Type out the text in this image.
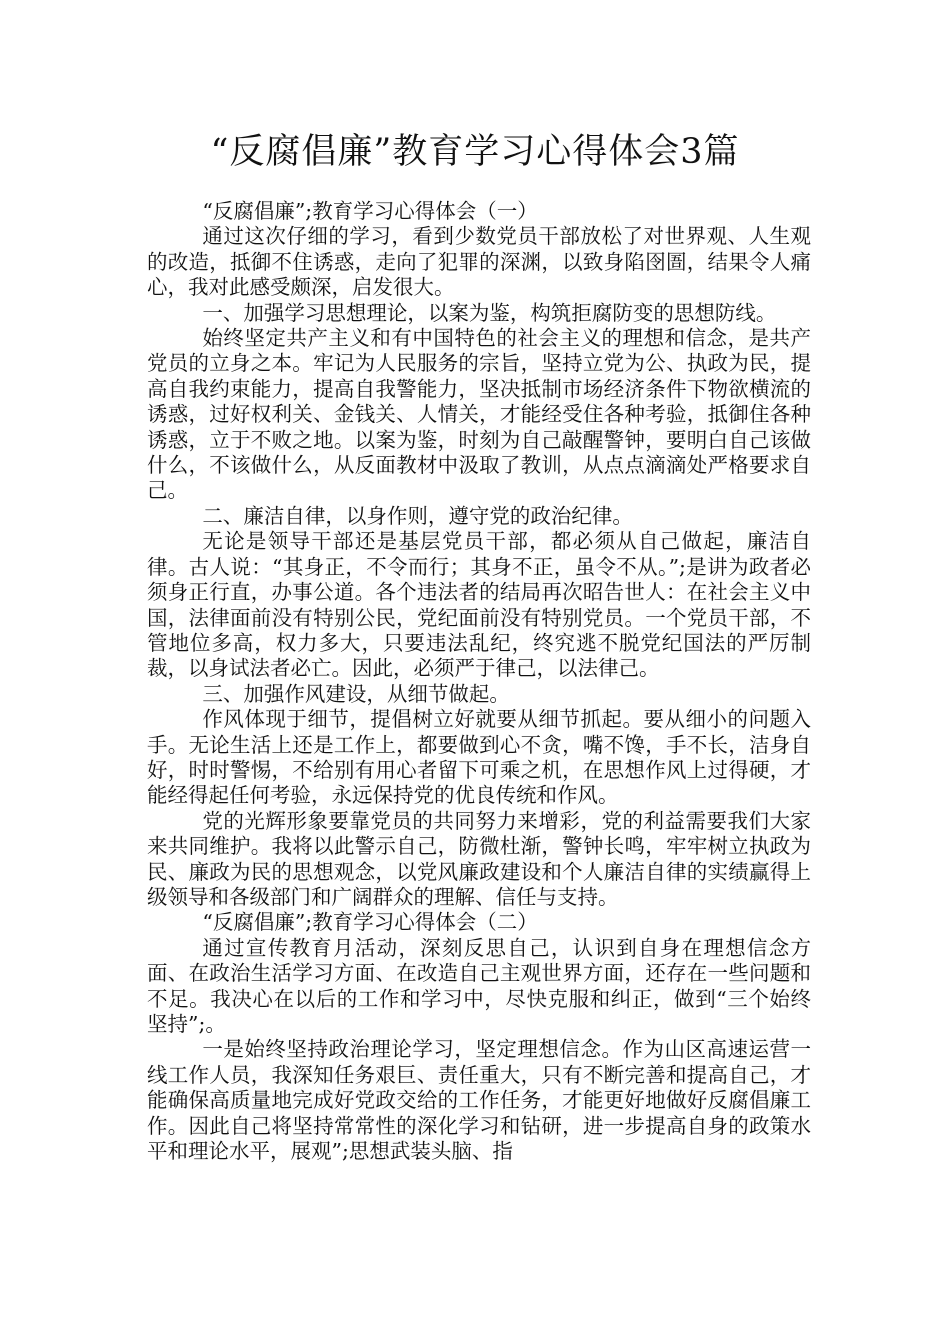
“反腐倡廉”教育学习心得体会3篇

“反腐倡廉”;教育学习心得体会（一）

通过这次仔细的学习，看到少数党员干部放松了对世界观、人生观的改造，抵御不住诱惑，走向了犯罪的深渊，以致身陷囹圄，结果令人痛心，我对此感受颇深，启发很大。

一、加强学习思想理论，以案为鉴，构筑拒腐防变的思想防线。

始终坚定共产主义和有中国特色的社会主义的理想和信念，是共产党员的立身之本。牢记为人民服务的宗旨，坚持立党为公、执政为民，提高自我约束能力，提高自我警能力，坚决抵制市场经济条件下物欲横流的诱惑，过好权利关、金钱关、人情关，才能经受住各种考验，抵御住各种诱惑，立于不败之地。以案为鉴，时刻为自己敲醒警钟，要明白自己该做什么，不该做什么，从反面教材中汲取了教训，从点点滴滴处严格要求自己。

二、廉洁自律，以身作则，遵守党的政治纪律。

无论是领导干部还是基层党员干部，都必须从自己做起，廉洁自律。古人说：“其身正，不令而行；其身不正，虽令不从。”;是讲为政者必须身正行直，办事公道。各个违法者的结局再次昭告世人：在社会主义中国，法律面前没有特别公民，党纪面前没有特别党员。一个党员干部，不管地位多高，权力多大，只要违法乱纪，终究逃不脱党纪国法的严厉制裁，以身试法者必亡。因此，必须严于律己，以法律己。

三、加强作风建设，从细节做起。

作风体现于细节，提倡树立好就要从细节抓起。要从细小的问题入手。无论生活上还是工作上，都要做到心不贪，嘴不馋，手不长，洁身自好，时时警惕，不给别有用心者留下可乘之机，在思想作风上过得硬，才能经得起任何考验，永远保持党的优良传统和作风。

党的光辉形象要靠党员的共同努力来增彩，党的利益需要我们大家来共同维护。我将以此警示自己，防微杜渐，警钟长鸣，牢牢树立执政为民、廉政为民的思想观念，以党风廉政建设和个人廉洁自律的实绩赢得上级领导和各级部门和广阔群众的理解、信任与支持。

“反腐倡廉”;教育学习心得体会（二）

通过宣传教育月活动，深刻反思自己，认识到自身在理想信念方面、在政治生活学习方面、在改造自己主观世界方面，还存在一些问题和不足。我决心在以后的工作和学习中，尽快克服和纠正，做到“三个始终坚持”;。

一是始终坚持政治理论学习，坚定理想信念。作为山区高速运营一线工作人员，我深知任务艰巨、责任重大，只有不断完善和提高自己，才能确保高质量地完成好党政交给的工作任务，才能更好地做好反腐倡廉工作。因此自己将坚持常常性的深化学习和钻研，进一步提高自身的政策水平和理论水平，展观”;思想武装头脑、指
